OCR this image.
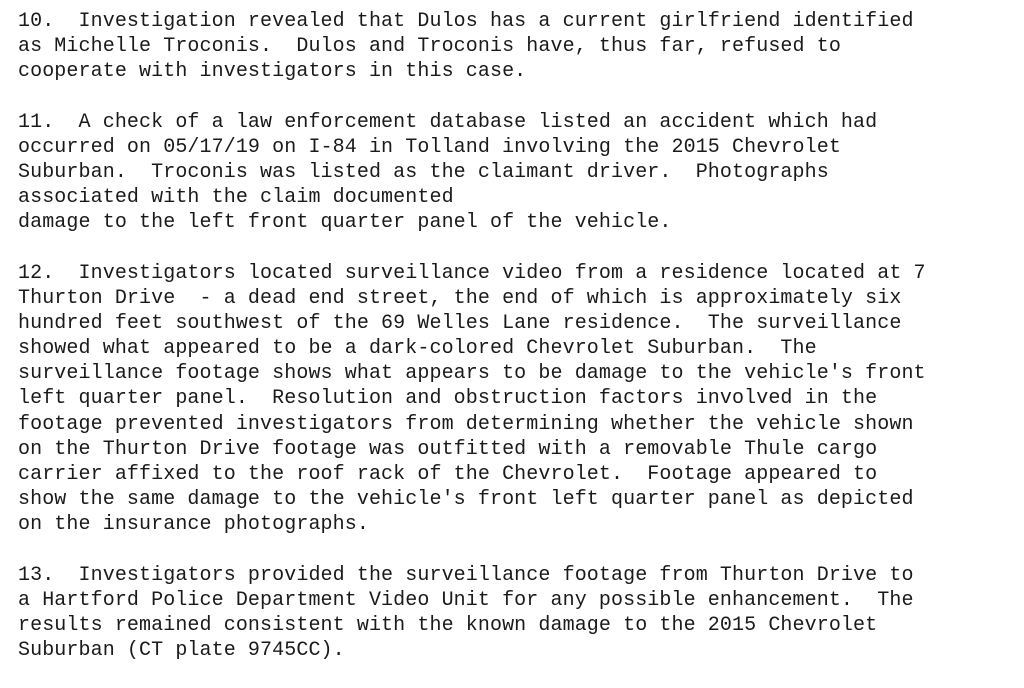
10.  Investigation revealed that Dulos has a current girlfriend identified
as Michelle Troconis.  Dulos and Troconis have, thus far, refused to
cooperate with investigators in this case.
11.  A check of a law enforcement database listed an accident which had
occurred on 05/17/19 on I-84 in Tolland involving the 2015 Chevrolet
Suburban.  Troconis was listed as the claimant driver.  Photographs
associated with the claim documented
damage to the left front quarter panel of the vehicle.
12.  Investigators located surveillance video from a residence located at 7
Thurton Drive  - a dead end street, the end of which is approximately six
hundred feet southwest of the 69 Welles Lane residence.  The surveillance
showed what appeared to be a dark-colored Chevrolet Suburban.  The
surveillance footage shows what appears to be damage to the vehicle's front
left quarter panel.  Resolution and obstruction factors involved in the
footage prevented investigators from determining whether the vehicle shown
on the Thurton Drive footage was outfitted with a removable Thule cargo
carrier affixed to the roof rack of the Chevrolet.  Footage appeared to
show the same damage to the vehicle's front left quarter panel as depicted
on the insurance photographs.
13.  Investigators provided the surveillance footage from Thurton Drive to
a Hartford Police Department Video Unit for any possible enhancement.  The
results remained consistent with the known damage to the 2015 Chevrolet
Suburban (CT plate 9745CC).
